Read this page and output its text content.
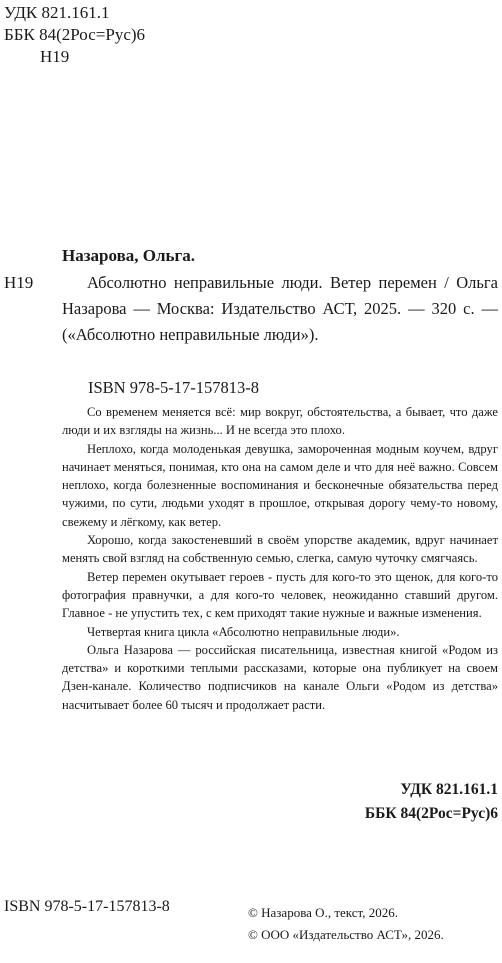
УДК 821.161.1
ББК 84(2Рос=Рус)6
Н19
Назарова, Ольга.
Н19	Абсолютно неправильные люди. Ветер перемен / Ольга Назарова — Москва: Издательство АСТ, 2025. — 320 с. — («Абсолютно неправильные люди»).
ISBN 978-5-17-157813-8

Со временем меняется всё: мир вокруг, обстоятельства, а бывает, что даже люди и их взгляды на жизнь... И не всегда это плохо.

Неплохо, когда молоденькая девушка, замороченная модным коучем, вдруг начинает меняться, понимая, кто она на самом деле и что для неё важно. Совсем неплохо, когда болезненные воспоминания и бесконечные обязательства перед чужими, по сути, людьми уходят в прошлое, открывая дорогу чему-то новому, свежему и лёгкому, как ветер.

Хорошо, когда закостеневший в своём упорстве академик, вдруг начинает менять свой взгляд на собственную семью, слегка, самую чуточку смягчаясь.

Ветер перемен окутывает героев - пусть для кого-то это щенок, для кого-то фотография правнучки, а для кого-то человек, неожиданно ставший другом. Главное - не упустить тех, с кем приходят такие нужные и важные изменения.

Четвертая книга цикла «Абсолютно неправильные люди».

Ольга Назарова — российская писательница, известная книгой «Родом из детства» и короткими теплыми рассказами, которые она публикует на своем Дзен-канале. Количество подписчиков на канале Ольги «Родом из детства» насчитывает более 60 тысяч и продолжает расти.

УДК 821.161.1
ББК 84(2Рос=Рус)6
ISBN 978-5-17-157813-8	© Назарова О., текст, 2026.
© ООО «Издательство АСТ», 2026.
